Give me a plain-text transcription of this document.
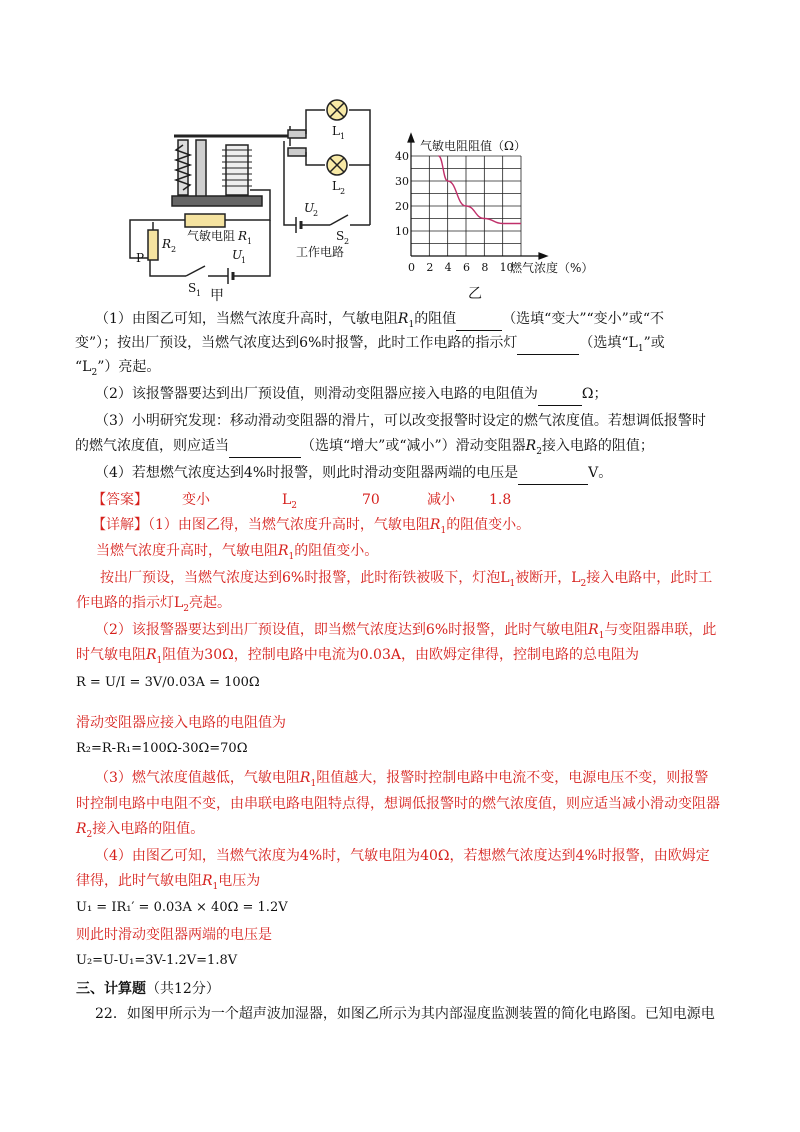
L 1
L 2
U
2
S 2
工作电路
气敏电阻 R 1
R 2
P	U
1
S 1 甲
0 2 4 6 8 10
10
20
30
40
气敏电阻阻值（Ω）
燃气浓度（%）
乙
（1）由图乙可知，当燃气浓度升高时，气敏电阻$R_1$的阻值	（选填“变大”“变小”或“不
变”）；按出厂预设，当燃气浓度达到6%时报警，此时工作电路的指示灯	（选填“$L_1$”或
“$L_2$”）亮起。
（2）该报警器要达到出厂预设值，则滑动变阻器应接入电路的电阻值为	Ω；
（3）小明研究发现：移动滑动变阻器的滑片，可以改变报警时设定的燃气浓度值。若想调低报警时
的燃气浓度值，则应适当	（选填“增大”或“减小”）滑动变阻器$R_2$接入电路的阻值；
（4）若想燃气浓度达到4%时报警，则此时滑动变阻器两端的电压是	V。
【答案】 变小	$L_2$	70	减小 1.8
【详解】（1）由图乙得，当燃气浓度升高时，气敏电阻$R_1$的阻值变小。
当燃气浓度升高时，气敏电阻$R_1$的阻值变小。
按出厂预设，当燃气浓度达到6%时报警，此时衔铁被吸下，灯泡$L_1$被断开，$L_2$接入电路中，此时工
作电路的指示灯$L_2$亮起。
（2）该报警器要达到出厂预设值，即当燃气浓度达到6%时报警，此时气敏电阻$R_1$与变阻器串联，此
时气敏电阻$R_1$阻值为30Ω，控制电路中电流为0.03A，由欧姆定律得，控制电路的总电阻为
R = U/I = 3V/0.03A = 100Ω
滑动变阻器应接入电路的电阻值为
R₂=R-R₁=100Ω-30Ω=70Ω
（3）燃气浓度值越低，气敏电阻$R_1$阻值越大，报警时控制电路中电流不变，电源电压不变，则报警
时控制电路中电阻不变，由串联电路电阻特点得，想调低报警时的燃气浓度值，则应适当减小滑动变阻器
$R_2$接入电路的阻值。
（4）由图乙可知，当燃气浓度为4%时，气敏电阻为40Ω，若想燃气浓度达到4%时报警，由欧姆定
律得，此时气敏电阻$R_1$电压为
U₁ = IR₁′ = 0.03A × 40Ω = 1.2V
则此时滑动变阻器两端的电压是
U₂=U-U₁=3V-1.2V=1.8V
三、计算题（共12分）
22．如图甲所示为一个超声波加湿器，如图乙所示为其内部湿度监测装置的简化电路图。已知电源电
